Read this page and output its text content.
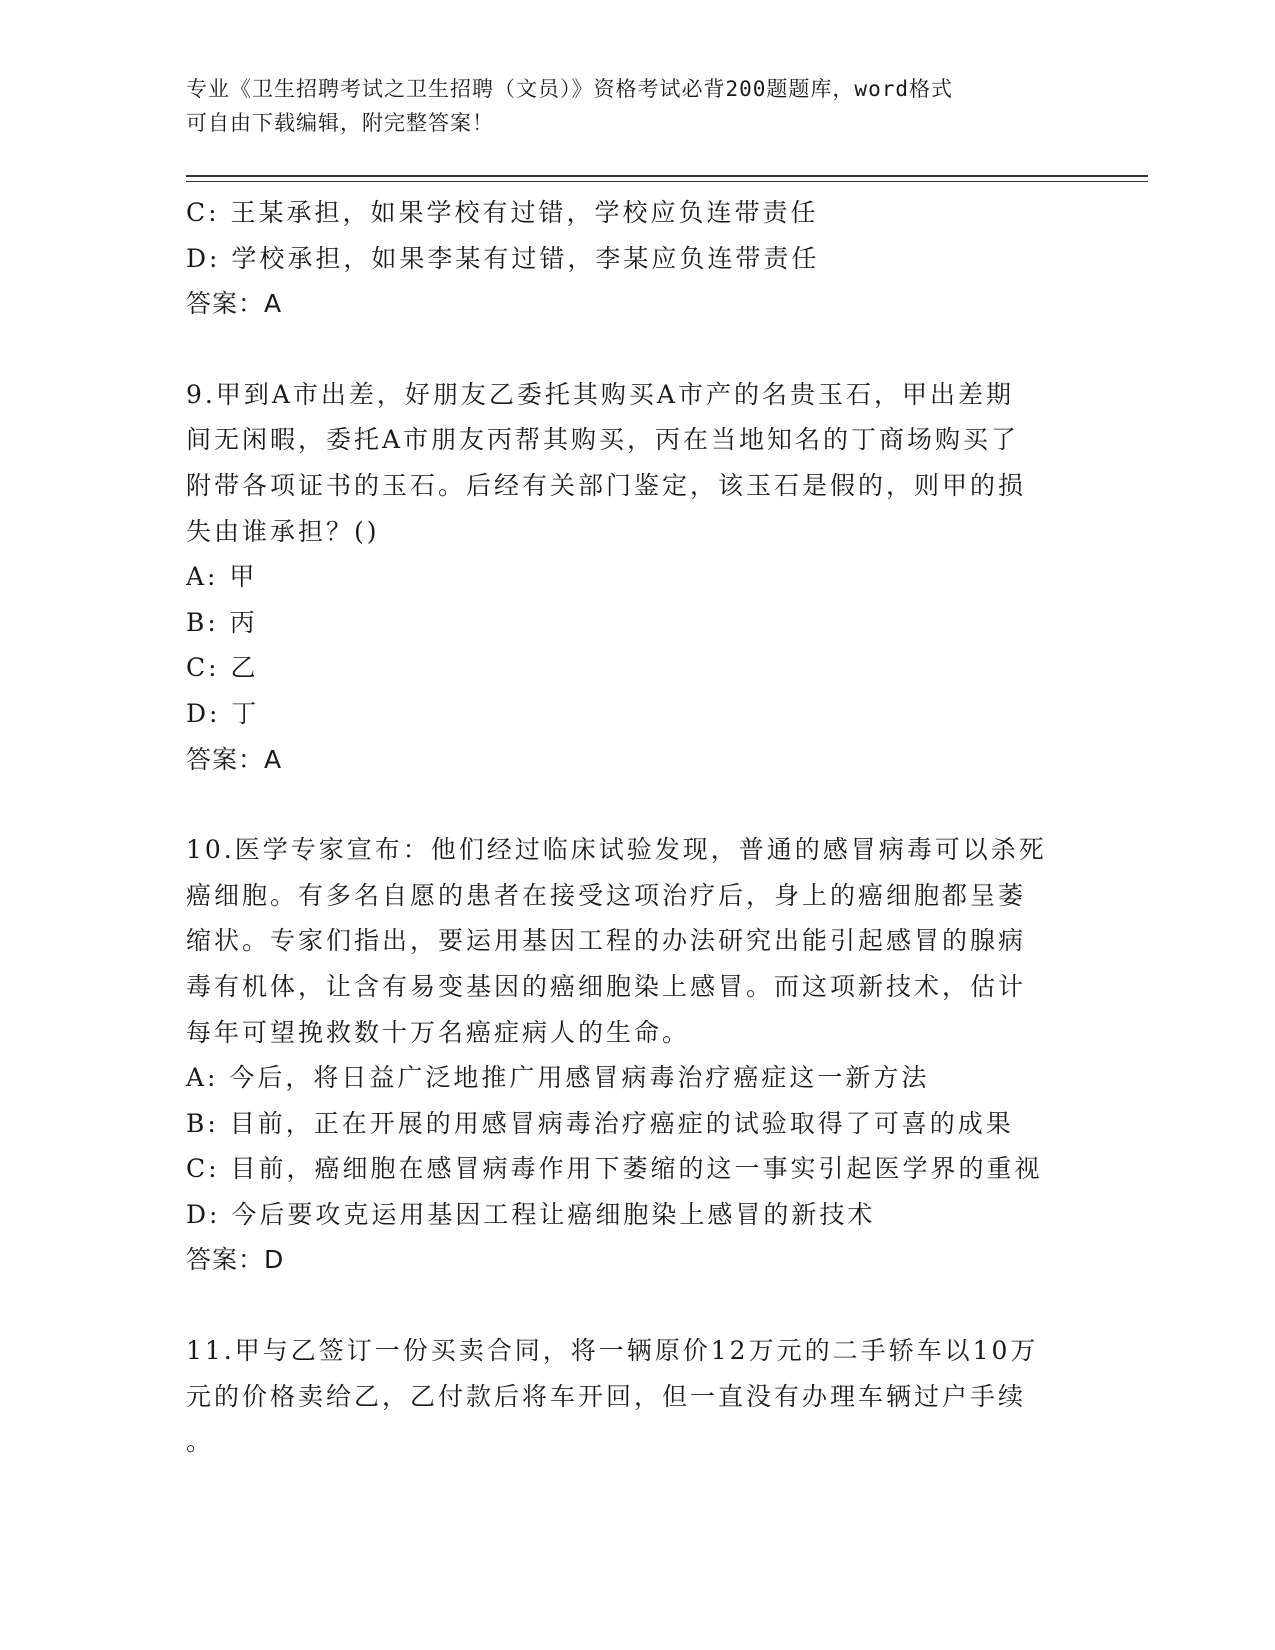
专业《卫生招聘考试之卫生招聘（文员）》资格考试必背200题题库，word格式
可自由下载编辑，附完整答案！
C: 王某承担，如果学校有过错，学校应负连带责任
D: 学校承担，如果李某有过错，李某应负连带责任
答案：A
9.甲到A市出差，好朋友乙委托其购买A市产的名贵玉石，甲出差期
间无闲暇，委托A市朋友丙帮其购买，丙在当地知名的丁商场购买了
附带各项证书的玉石。后经有关部门鉴定，该玉石是假的，则甲的损
失由谁承担？()
A: 甲
B: 丙
C: 乙
D: 丁
答案：A
10.医学专家宣布：他们经过临床试验发现，普通的感冒病毒可以杀死
癌细胞。有多名自愿的患者在接受这项治疗后，身上的癌细胞都呈萎
缩状。专家们指出，要运用基因工程的办法研究出能引起感冒的腺病
毒有机体，让含有易变基因的癌细胞染上感冒。而这项新技术，估计
每年可望挽救数十万名癌症病人的生命。
A: 今后，将日益广泛地推广用感冒病毒治疗癌症这一新方法
B: 目前，正在开展的用感冒病毒治疗癌症的试验取得了可喜的成果
C: 目前，癌细胞在感冒病毒作用下萎缩的这一事实引起医学界的重视
D: 今后要攻克运用基因工程让癌细胞染上感冒的新技术
答案：D
11.甲与乙签订一份买卖合同，将一辆原价12万元的二手轿车以10万
元的价格卖给乙，乙付款后将车开回，但一直没有办理车辆过户手续
。
